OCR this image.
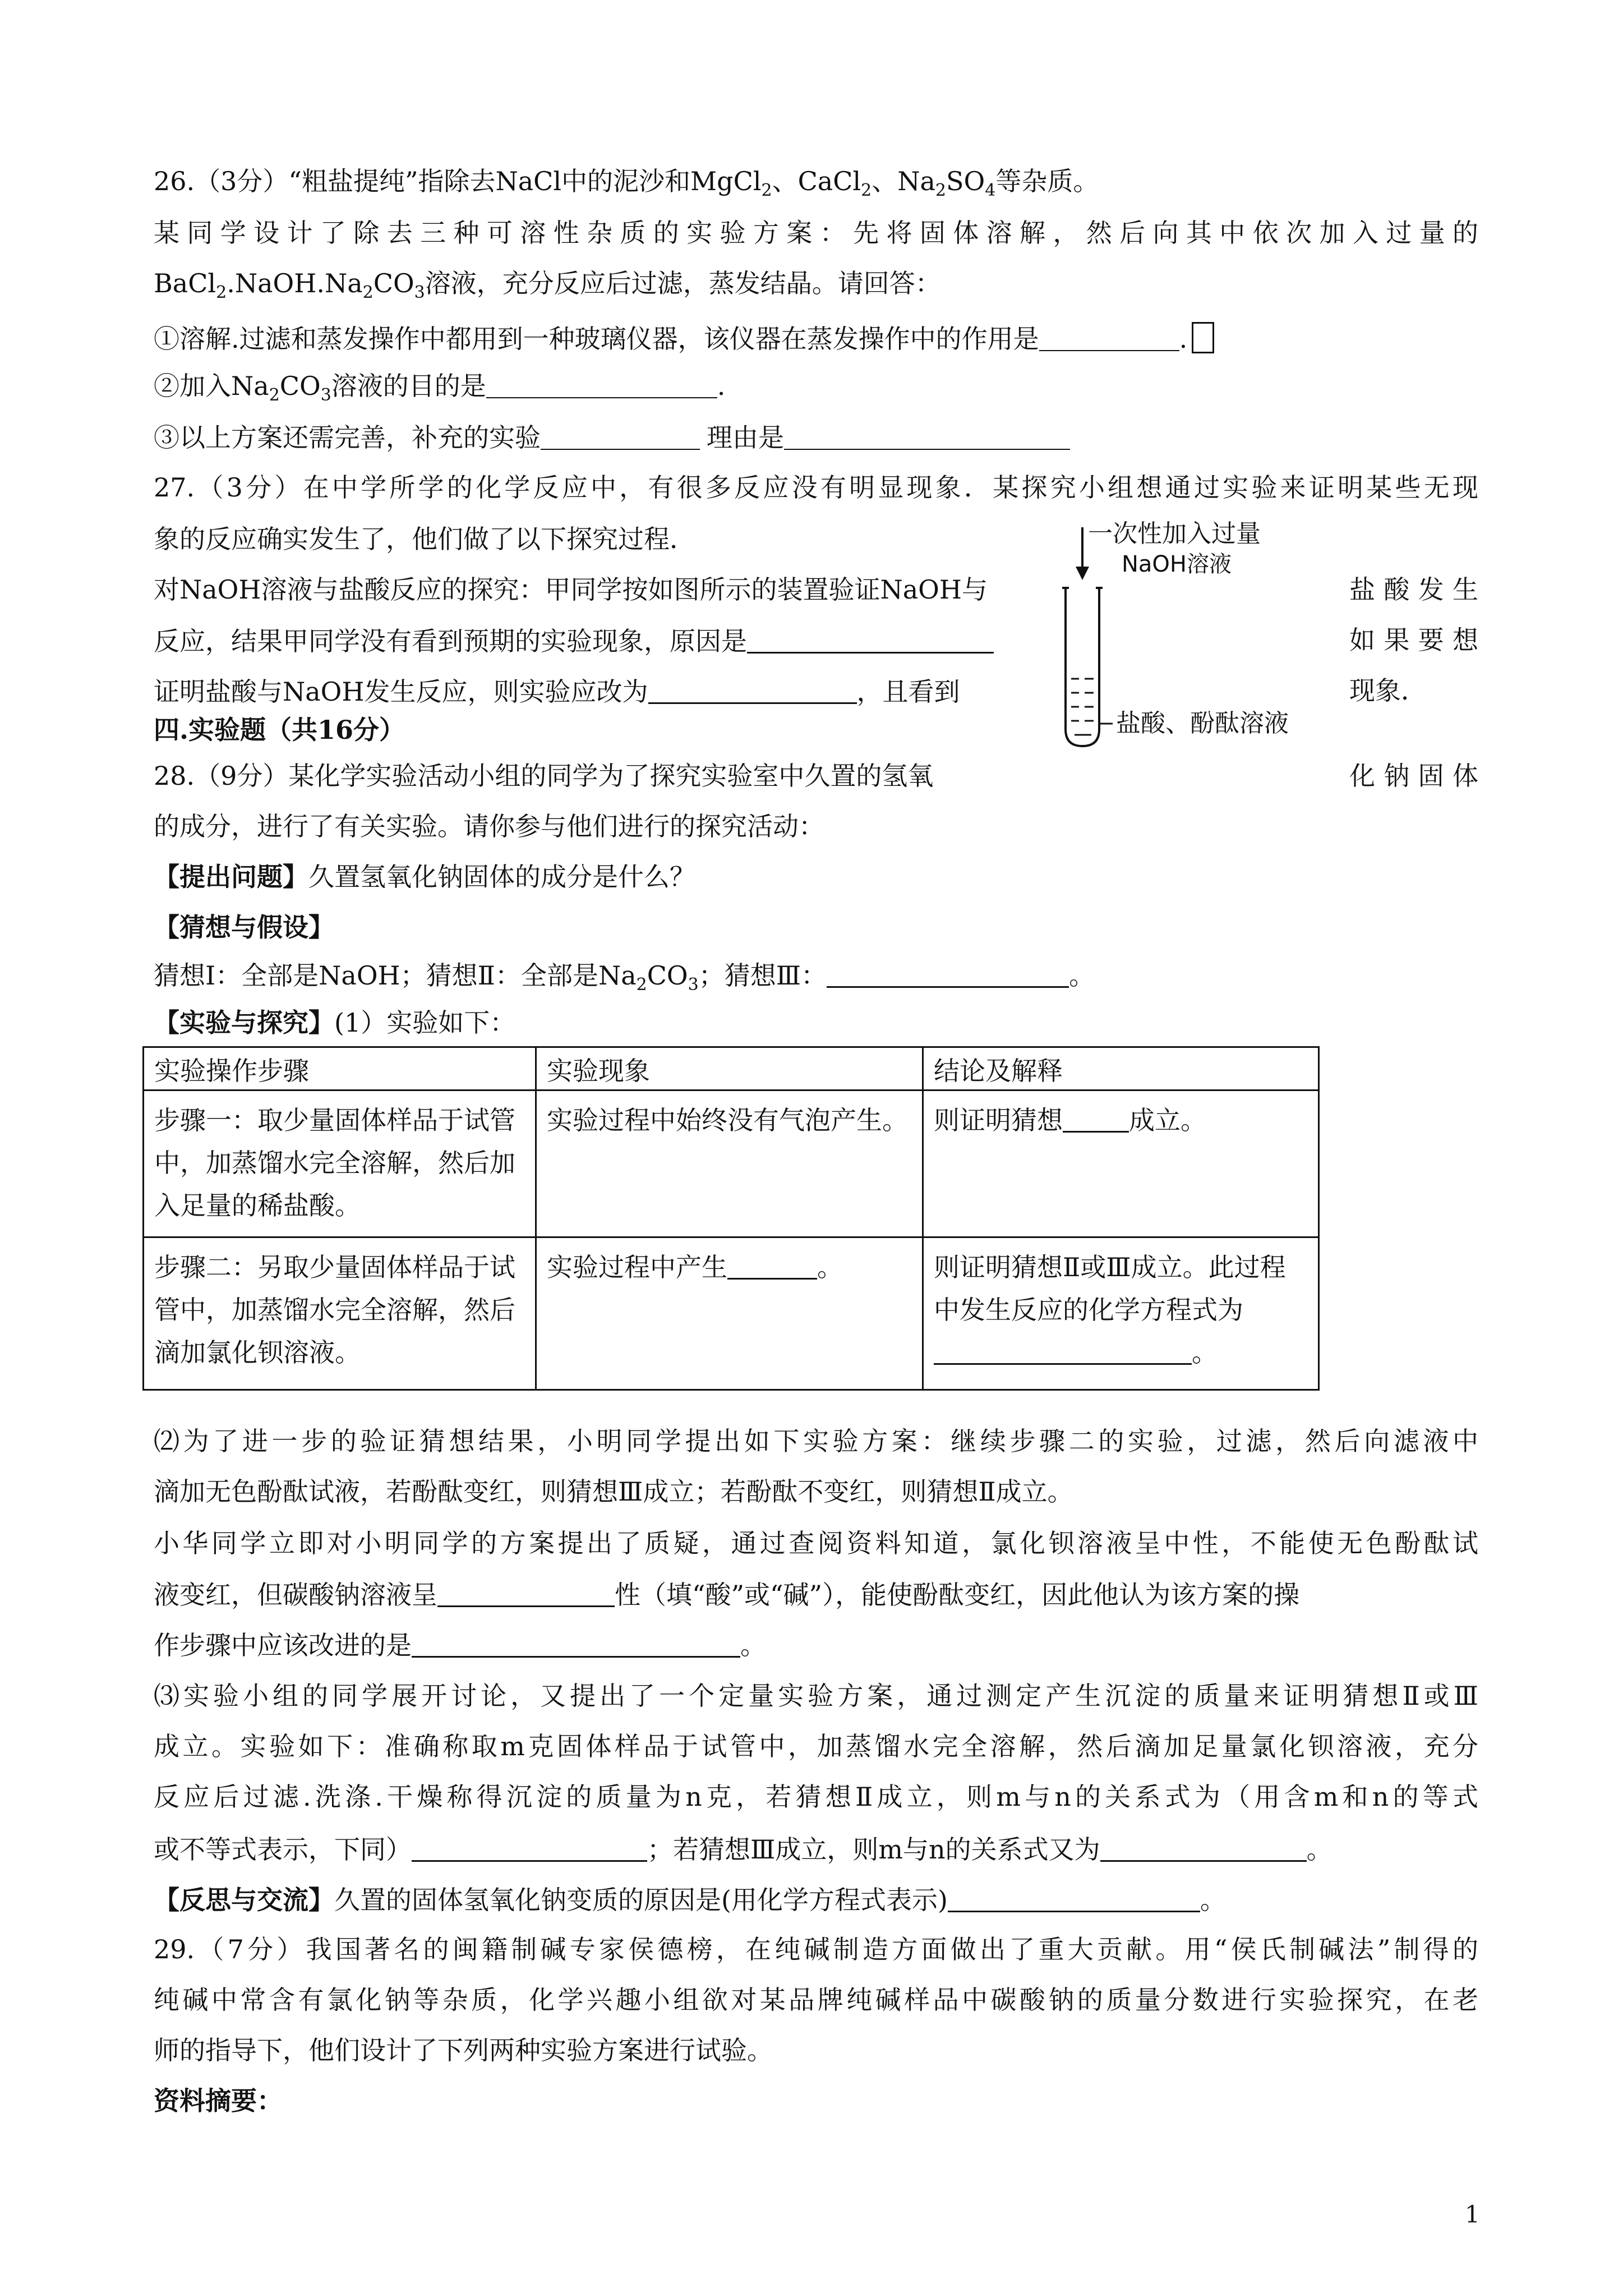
26.（3分）“粗盐提纯”指除去NaCl中的泥沙和MgCl$_2$、CaCl$_2$、$Na_2SO_4$等杂质。
某同学设计了除去三种可溶性杂质的实验方案：先将固体溶解，然后向其中依次加入过量的
$BaCl_2.NaOH.Na_2CO_3$溶液，充分反应后过滤，蒸发结晶。请回答：
①溶解.过滤和蒸发操作中都用到一种玻璃仪器，该仪器在蒸发操作中的作用是	.
②加入$Na_2CO_3$溶液的目的是	.
③以上方案还需完善，补充的实验	理由是
27.（3分）在中学所学的化学反应中，有很多反应没有明显现象．某探究小组想通过实验来证明某些无现
象的反应确实发生了，他们做了以下探究过程．
对NaOH溶液与盐酸反应的探究：甲同学按如图所示的装置验证NaOH与	盐酸发生
反应，结果甲同学没有看到预期的实验现象，原因是	如果要想
证明盐酸与NaOH发生反应，则实验应改为	，且看到	现象．
一次性加入过量
NaOH溶液
盐酸、酚酞溶液
四.实验题（共16分）
28.（9分）某化学实验活动小组的同学为了探究实验室中久置的氢氧	化钠固体
的成分，进行了有关实验。请你参与他们进行的探究活动：
【提出问题】久置氢氧化钠固体的成分是什么？
【猜想与假设】
猜想Ⅰ：全部是NaOH；猜想Ⅱ：全部是$Na_2CO_3$；猜想Ⅲ：	。
【实验与探究】(1）实验如下：
实验操作步骤	实验现象	结论及解释
步骤一：取少量固体样品于试管中，加蒸馏水完全溶解，然后加入足量的稀盐酸。	实验过程中始终没有气泡产生。	则证明猜想 成立。
步骤二：另取少量固体样品于试管中，加蒸馏水完全溶解，然后滴加氯化钡溶液。	实验过程中产生 。	则证明猜想Ⅱ或Ⅲ成立。此过程中发生反应的化学方程式为。
⑵为了进一步的验证猜想结果，小明同学提出如下实验方案：继续步骤二的实验，过滤，然后向滤液中
滴加无色酚酞试液，若酚酞变红，则猜想Ⅲ成立；若酚酞不变红，则猜想Ⅱ成立。
小华同学立即对小明同学的方案提出了质疑，通过查阅资料知道，氯化钡溶液呈中性，不能使无色酚酞试
液变红，但碳酸钠溶液呈	性（填“酸”或“碱”），能使酚酞变红，因此他认为该方案的操
作步骤中应该改进的是	。
⑶实验小组的同学展开讨论，又提出了一个定量实验方案，通过测定产生沉淀的质量来证明猜想Ⅱ或Ⅲ
成立。实验如下：准确称取m克固体样品于试管中，加蒸馏水完全溶解，然后滴加足量氯化钡溶液，充分
反应后过滤.洗涤.干燥称得沉淀的质量为n克，若猜想Ⅱ成立，则m与n的关系式为（用含m和n的等式
或不等式表示，下同）	；若猜想Ⅲ成立，则m与n的关系式又为	。
【反思与交流】久置的固体氢氧化钠变质的原因是(用化学方程式表示)	。
29.（7分）我国著名的闽籍制碱专家侯德榜，在纯碱制造方面做出了重大贡献。用“侯氏制碱法”制得的
纯碱中常含有氯化钠等杂质，化学兴趣小组欲对某品牌纯碱样品中碳酸钠的质量分数进行实验探究，在老
师的指导下，他们设计了下列两种实验方案进行试验。
资料摘要：
1
